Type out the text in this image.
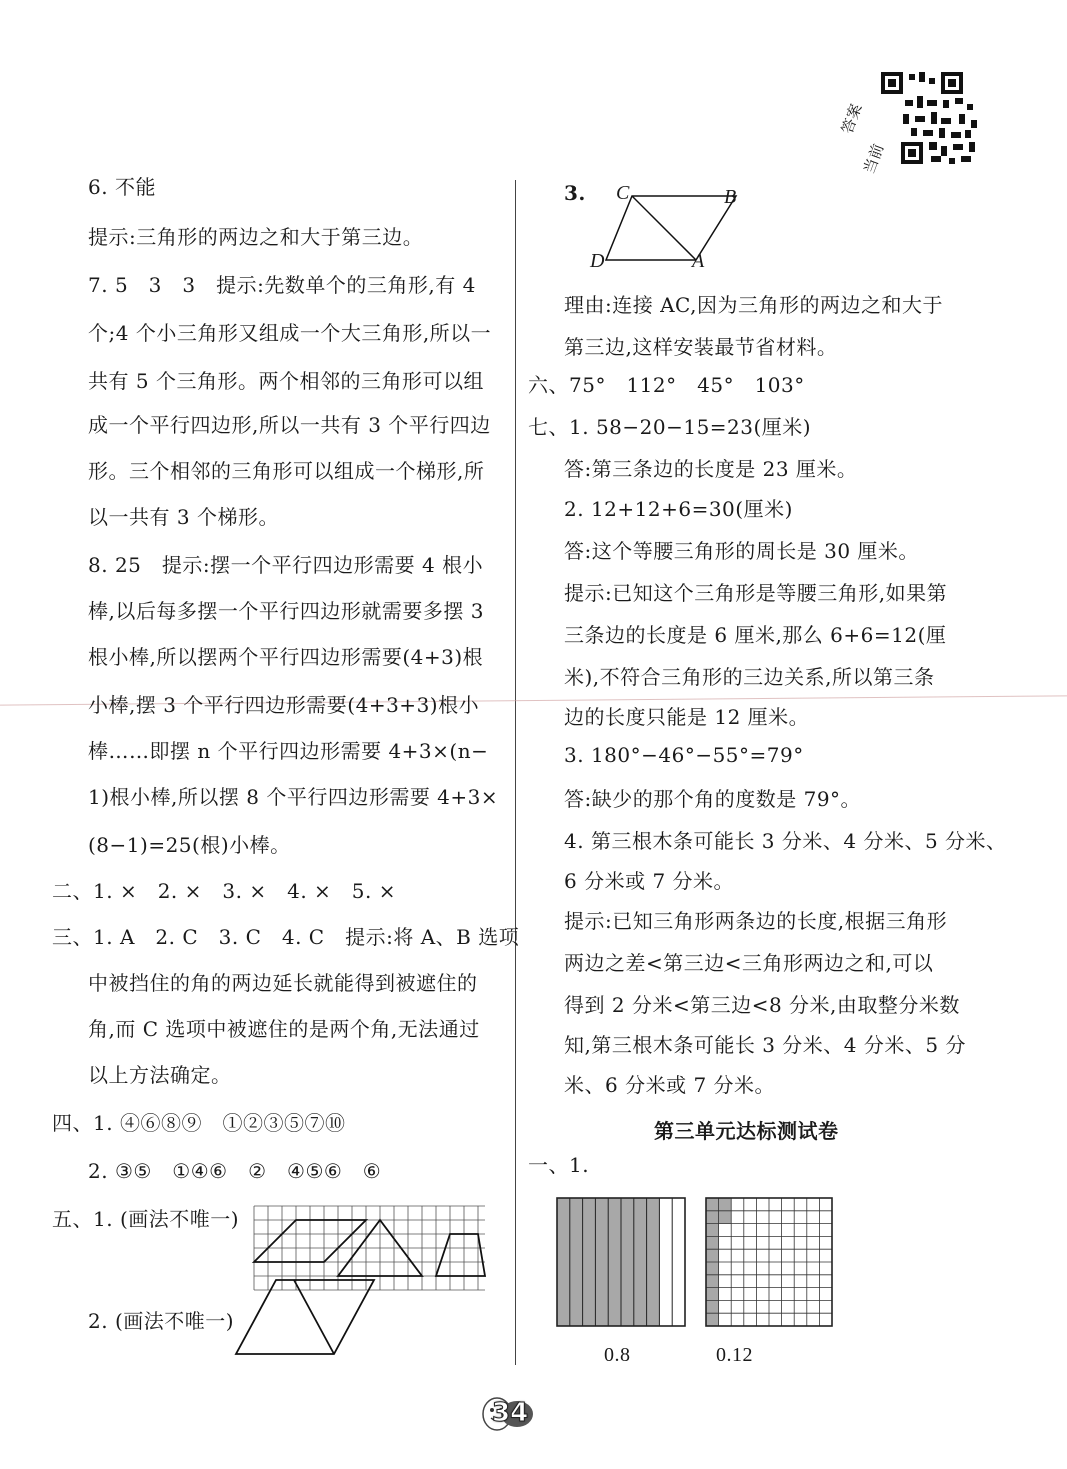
答案
当前
6. 不能
提示:三角形的两边之和大于第三边。
7. 5　3　3　提示:先数单个的三角形,有 4
个;4 个小三角形又组成一个大三角形,所以一
共有 5 个三角形。两个相邻的三角形可以组
成一个平行四边形,所以一共有 3 个平行四边
形。三个相邻的三角形可以组成一个梯形,所
以一共有 3 个梯形。
8. 25　提示:摆一个平行四边形需要 4 根小
棒,以后每多摆一个平行四边形就需要多摆 3
根小棒,所以摆两个平行四边形需要(4+3)根
小棒,摆 3 个平行四边形需要(4+3+3)根小
棒……即摆 n 个平行四边形需要 4+3×(n−
1)根小棒,所以摆 8 个平行四边形需要 4+3×
(8−1)=25(根)小棒。
二、1. ×　2. ×　3. ×　4. ×　5. ×
三、1. A　2. C　3. C　4. C　提示:将 A、B 选项
中被挡住的角的两边延长就能得到被遮住的
角,而 C 选项中被遮住的是两个角,无法通过
以上方法确定。
四、1. ④⑥⑧⑨　①②③⑤⑦⑩
2. ③⑤　①④⑥　②　④⑤⑥　⑥
五、1. (画法不唯一)
2. (画法不唯一)
3. C	B
D	A
理由:连接 AC,因为三角形的两边之和大于
第三边,这样安装最节省材料。
六、75°　112°　45°　103°
七、1. 58−20−15=23(厘米)
答:第三条边的长度是 23 厘米。
2. 12+12+6=30(厘米)
答:这个等腰三角形的周长是 30 厘米。
提示:已知这个三角形是等腰三角形,如果第
三条边的长度是 6 厘米,那么 6+6=12(厘
米),不符合三角形的三边关系,所以第三条
边的长度只能是 12 厘米。
3. 180°−46°−55°=79°
答:缺少的那个角的度数是 79°。
4. 第三根木条可能长 3 分米、4 分米、5 分米、
6 分米或 7 分米。
提示:已知三角形两条边的长度,根据三角形
两边之差<第三边<三角形两边之和,可以
得到 2 分米<第三边<8 分米,由取整分米数
知,第三根木条可能长 3 分米、4 分米、5 分
米、6 分米或 7 分米。
第三单元达标测试卷
一、1.
0.8	0.12
34
